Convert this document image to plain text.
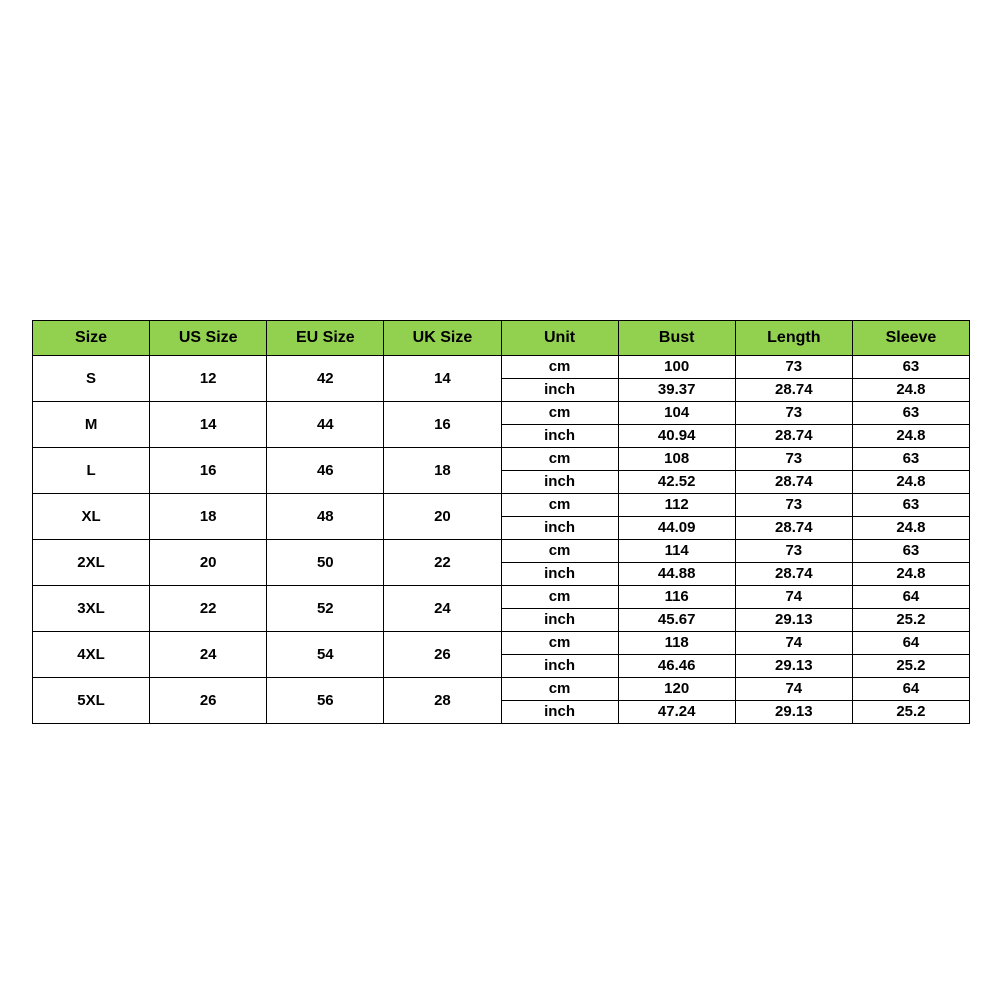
Size	US Size	EU Size	UK Size	Unit	Bust	Length	Sleeve
S	12	42	14	cm	100	73	63
				inch	39.37	28.74	24.8
M	14	44	16	cm	104	73	63
				inch	40.94	28.74	24.8
L	16	46	18	cm	108	73	63
				inch	42.52	28.74	24.8
XL	18	48	20	cm	112	73	63
				inch	44.09	28.74	24.8
2XL	20	50	22	cm	114	73	63
				inch	44.88	28.74	24.8
3XL	22	52	24	cm	116	74	64
				inch	45.67	29.13	25.2
4XL	24	54	26	cm	118	74	64
				inch	46.46	29.13	25.2
5XL	26	56	28	cm	120	74	64
				inch	47.24	29.13	25.2
